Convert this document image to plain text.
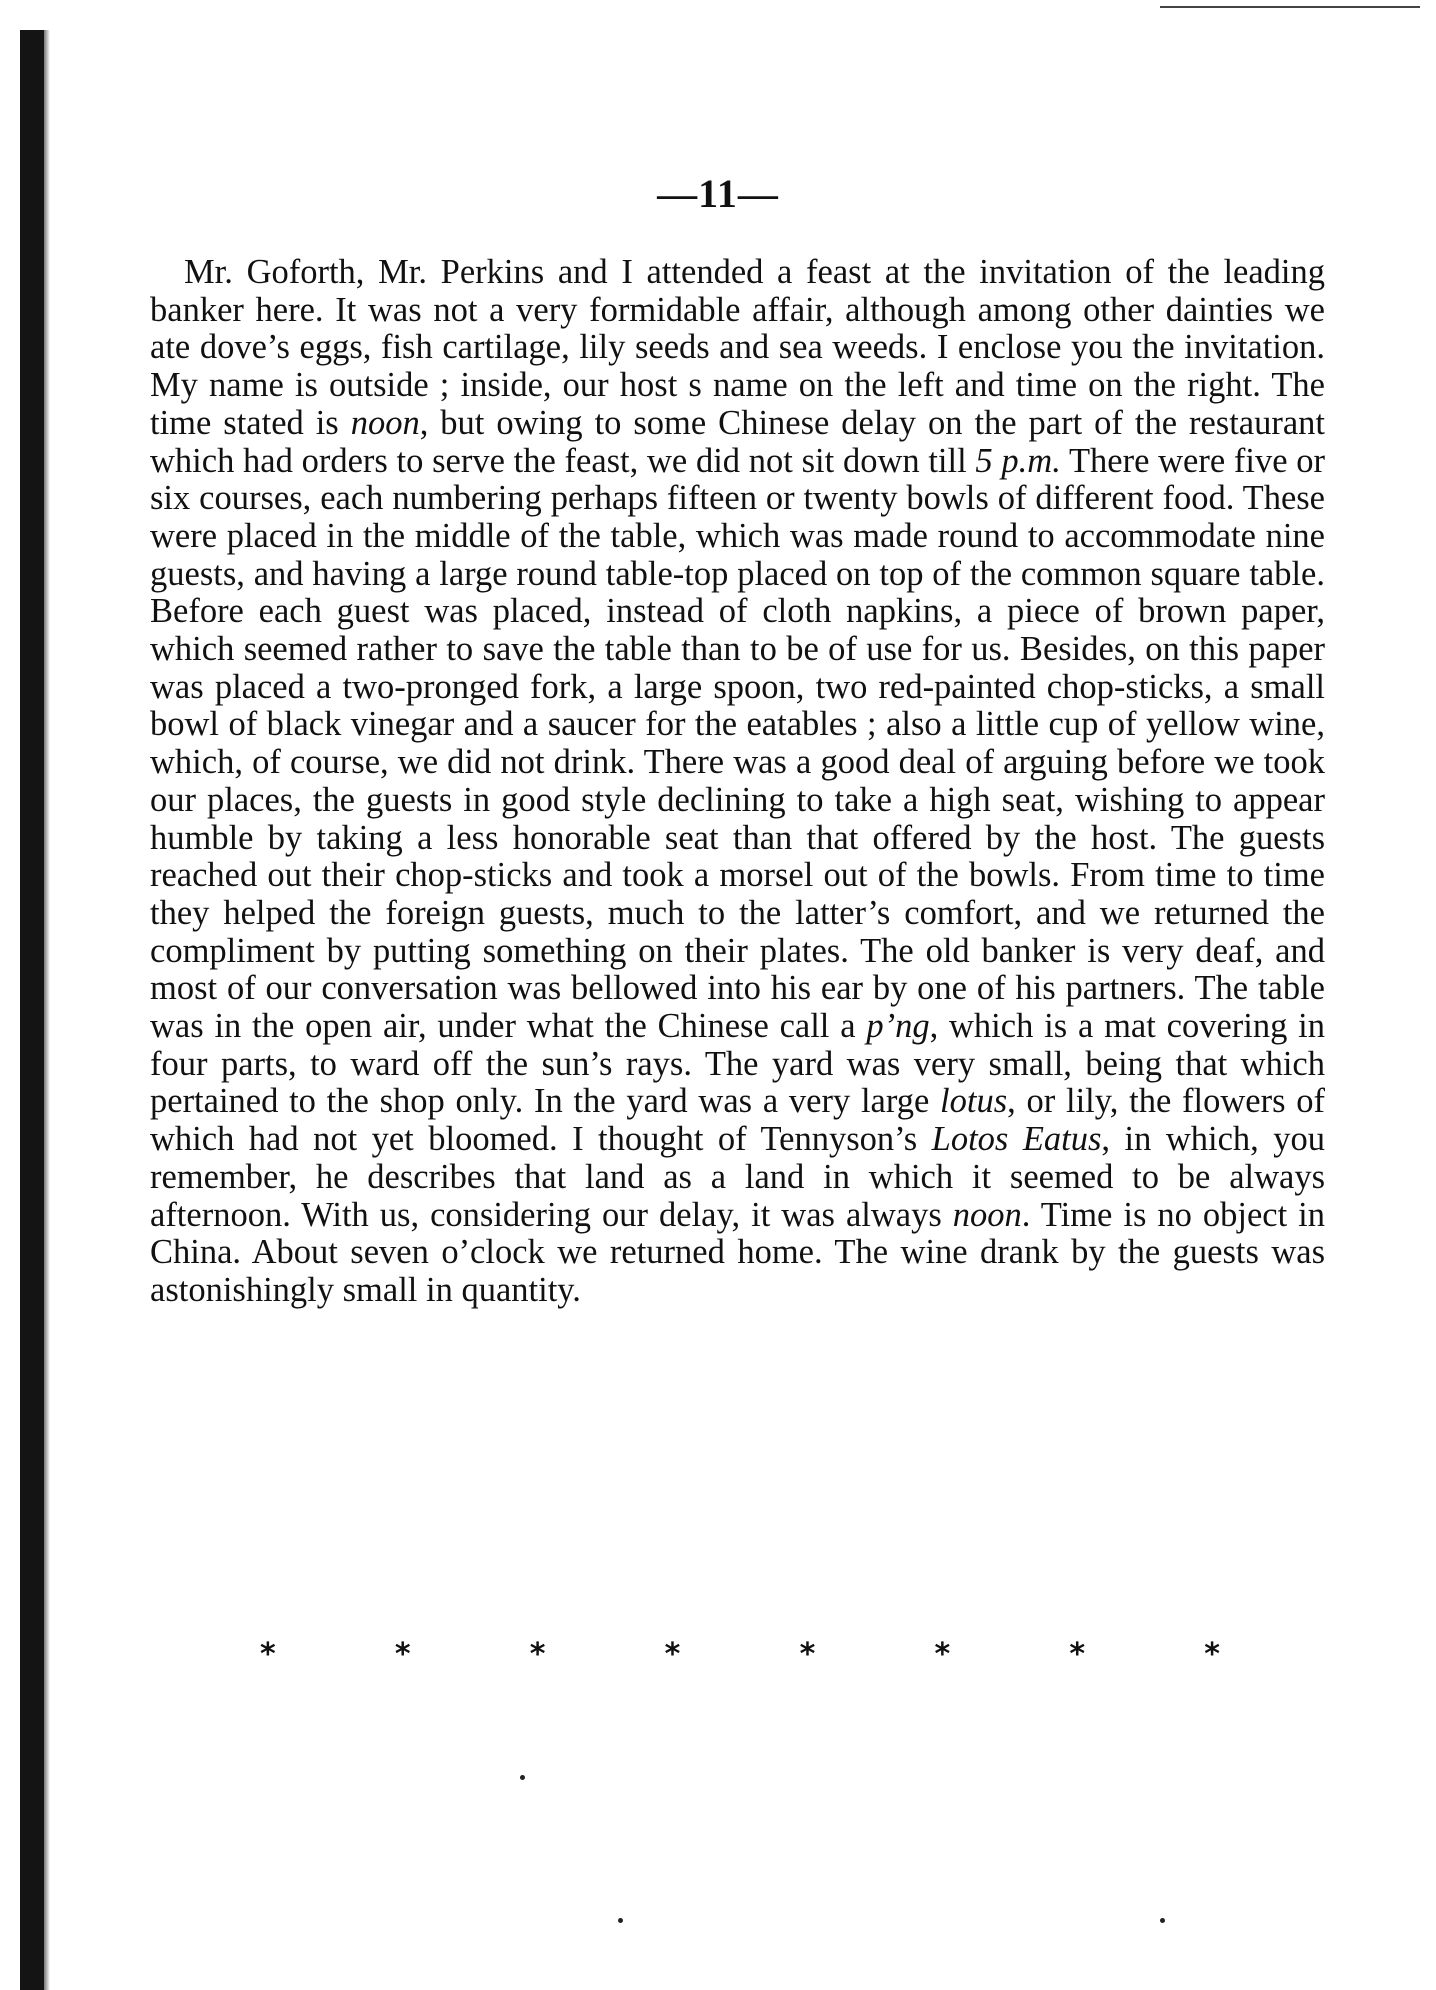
—11—

Mr. Goforth, Mr. Perkins and I attended a feast at the invitation of the leading banker here. It was not a very formidable affair, although among other dainties we ate dove’s eggs, fish cartilage, lily seeds and sea weeds. I enclose you the invitation. My name is outside ; inside, our host s name on the left and time on the right. The time stated is noon, but owing to some Chinese delay on the part of the restaurant which had orders to serve the feast, we did not sit down till 5 p.m. There were five or six courses, each numbering perhaps fifteen or twenty bowls of different food. These were placed in the middle of the table, which was made round to accommodate nine guests, and having a large round table-top placed on top of the common square table. Before each guest was placed, instead of cloth napkins, a piece of brown paper, which seemed rather to save the table than to be of use for us. Besides, on this paper was placed a two-pronged fork, a large spoon, two red-painted chop-sticks, a small bowl of black vinegar and a saucer for the eatables ; also a little cup of yellow wine, which, of course, we did not drink. There was a good deal of arguing before we took our places, the guests in good style declining to take a high seat, wishing to appear humble by taking a less honorable seat than that offered by the host. The guests reached out their chop-sticks and took a morsel out of the bowls. From time to time they helped the foreign guests, much to the latter’s comfort, and we returned the compliment by putting something on their plates. The old banker is very deaf, and most of our conversation was bellowed into his ear by one of his partners. The table was in the open air, under what the Chinese call a p’ng, which is a mat covering in four parts, to ward off the sun’s rays. The yard was very small, being that which pertained to the shop only. In the yard was a very large lotus, or lily, the flowers of which had not yet bloomed. I thought of Tennyson’s Lotos Eatus, in which, you remember, he describes that land as a land in which it seemed to be always afternoon. With us, considering our delay, it was always noon. Time is no object in China. About seven o’clock we returned home. The wine drank by the guests was astonishingly small in quantity.

*	*	*	*	*	*	*	*
